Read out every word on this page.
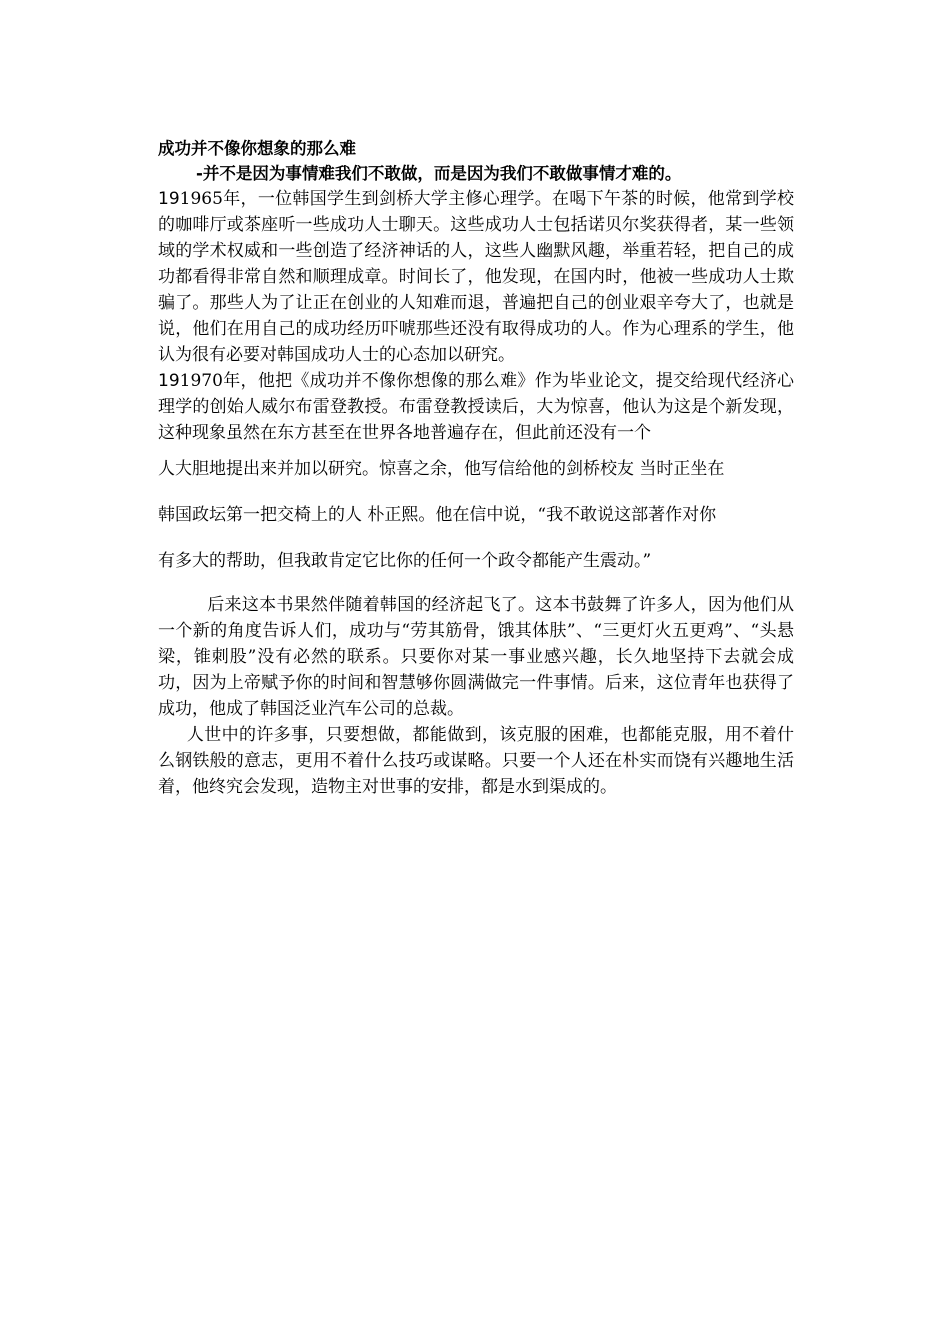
成功并不像你想象的那么难

-并不是因为事情难我们不敢做，而是因为我们不敢做事情才难的。

191965年，一位韩国学生到剑桥大学主修心理学。在喝下午茶的时候，他常到学校的咖啡厅或茶座听一些成功人士聊天。这些成功人士包括诺贝尔奖获得者，某一些领域的学术权威和一些创造了经济神话的人，这些人幽默风趣，举重若轻，把自己的成功都看得非常自然和顺理成章。时间长了，他发现，在国内时，他被一些成功人士欺骗了。那些人为了让正在创业的人知难而退，普遍把自己的创业艰辛夸大了，也就是说，他们在用自己的成功经历吓唬那些还没有取得成功的人。作为心理系的学生，他认为很有必要对韩国成功人士的心态加以研究。

191970年，他把《成功并不像你想像的那么难》作为毕业论文，提交给现代经济心理学的创始人威尔布雷登教授。布雷登教授读后，大为惊喜，他认为这是个新发现，这种现象虽然在东方甚至在世界各地普遍存在，但此前还没有一个

人大胆地提出来并加以研究。惊喜之余，他写信给他的剑桥校友 当时正坐在

韩国政坛第一把交椅上的人 朴正熙。他在信中说，“我不敢说这部著作对你

有多大的帮助，但我敢肯定它比你的任何一个政令都能产生震动。”

后来这本书果然伴随着韩国的经济起飞了。这本书鼓舞了许多人，因为他们从一个新的角度告诉人们，成功与“劳其筋骨，饿其体肤”、“三更灯火五更鸡”、“头悬梁，锥刺股”没有必然的联系。只要你对某一事业感兴趣，长久地坚持下去就会成功，因为上帝赋予你的时间和智慧够你圆满做完一件事情。后来，这位青年也获得了成功，他成了韩国泛业汽车公司的总裁。

人世中的许多事，只要想做，都能做到，该克服的困难，也都能克服，用不着什么钢铁般的意志，更用不着什么技巧或谋略。只要一个人还在朴实而饶有兴趣地生活着，他终究会发现，造物主对世事的安排，都是水到渠成的。
